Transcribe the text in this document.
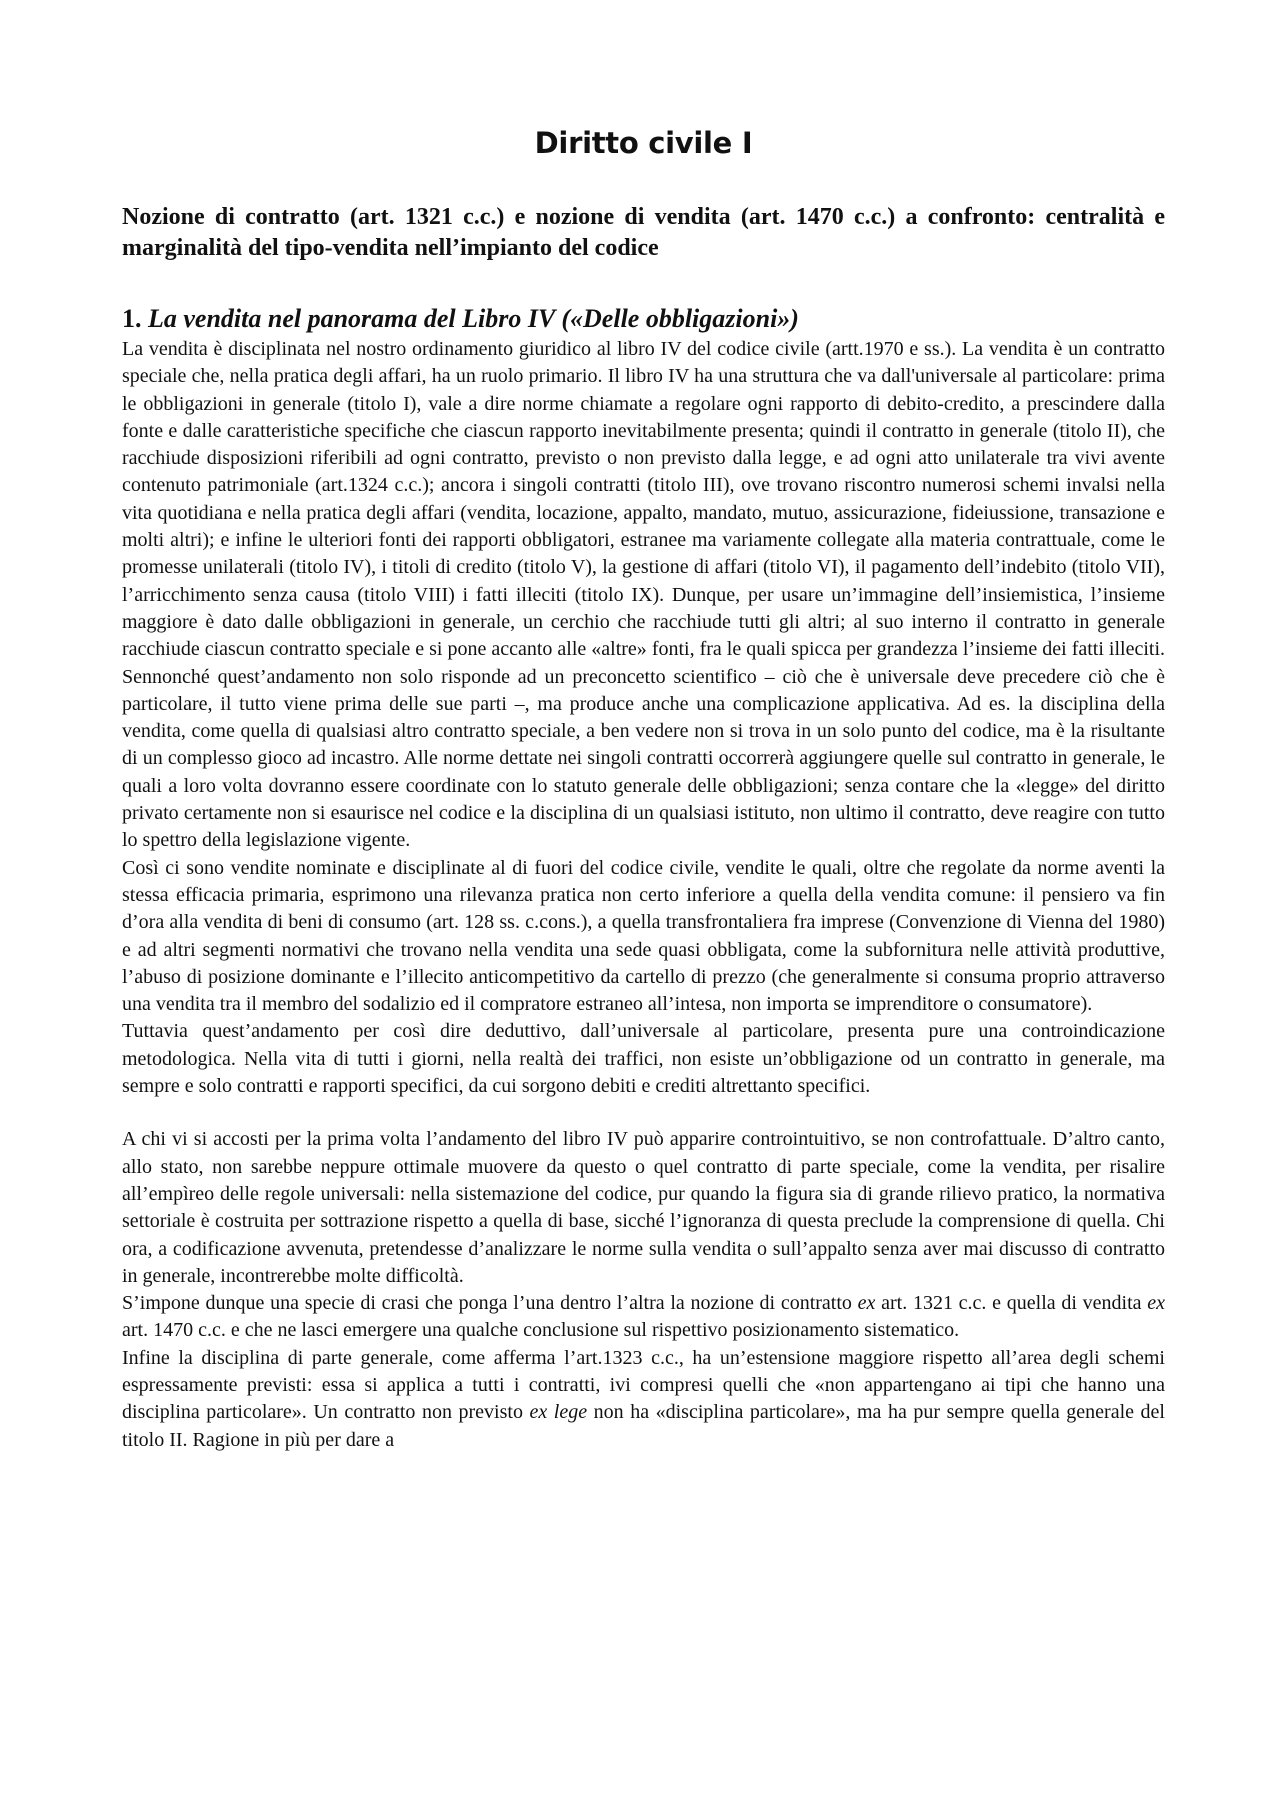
Diritto civile I
Nozione di contratto (art. 1321 c.c.) e nozione di vendita (art. 1470 c.c.) a confronto: centralità e marginalità del tipo-vendita nell’impianto del codice
1. La vendita nel panorama del Libro IV («Delle obbligazioni»)

La vendita è disciplinata nel nostro ordinamento giuridico al libro IV del codice civile (artt.1970 e ss.). La vendita è un contratto speciale che, nella pratica degli affari, ha un ruolo primario. Il libro IV ha una struttura che va dall'universale al particolare: prima le obbligazioni in generale (titolo I), vale a dire norme chiamate a regolare ogni rapporto di debito-credito, a prescindere dalla fonte e dalle caratteristiche specifiche che ciascun rapporto inevitabilmente presenta; quindi il contratto in generale (titolo II), che racchiude disposizioni riferibili ad ogni contratto, previsto o non previsto dalla legge, e ad ogni atto unilaterale tra vivi avente contenuto patrimoniale (art.1324 c.c.); ancora i singoli contratti (titolo III), ove trovano riscontro numerosi schemi invalsi nella vita quotidiana e nella pratica degli affari (vendita, locazione, appalto, mandato, mutuo, assicurazione, fideiussione, transazione e molti altri); e infine le ulteriori fonti dei rapporti obbligatori, estranee ma variamente collegate alla materia contrattuale, come le promesse unilaterali (titolo IV), i titoli di credito (titolo V), la gestione di affari (titolo VI), il pagamento dell’indebito (titolo VII), l’arricchimento senza causa (titolo VIII) i fatti illeciti (titolo IX). Dunque, per usare un’immagine dell’insiemistica, l’insieme maggiore è dato dalle obbligazioni in generale, un cerchio che racchiude tutti gli altri; al suo interno il contratto in generale racchiude ciascun contratto speciale e si pone accanto alle «altre» fonti, fra le quali spicca per grandezza l’insieme dei fatti illeciti. Sennonché quest’andamento non solo risponde ad un preconcetto scientifico – ciò che è universale deve precedere ciò che è particolare, il tutto viene prima delle sue parti –, ma produce anche una complicazione applicativa. Ad es. la disciplina della vendita, come quella di qualsiasi altro contratto speciale, a ben vedere non si trova in un solo punto del codice, ma è la risultante di un complesso gioco ad incastro. Alle norme dettate nei singoli contratti occorrerà aggiungere quelle sul contratto in generale, le quali a loro volta dovranno essere coordinate con lo statuto generale delle obbligazioni; senza contare che la «legge» del diritto privato certamente non si esaurisce nel codice e la disciplina di un qualsiasi istituto, non ultimo il contratto, deve reagire con tutto lo spettro della legislazione vigente.

Così ci sono vendite nominate e disciplinate al di fuori del codice civile, vendite le quali, oltre che regolate da norme aventi la stessa efficacia primaria, esprimono una rilevanza pratica non certo inferiore a quella della vendita comune: il pensiero va fin d’ora alla vendita di beni di consumo (art. 128 ss. c.cons.), a quella transfrontaliera fra imprese (Convenzione di Vienna del 1980) e ad altri segmenti normativi che trovano nella vendita una sede quasi obbligata, come la subfornitura nelle attività produttive, l’abuso di posizione dominante e l’illecito anticompetitivo da cartello di prezzo (che generalmente si consuma proprio attraverso una vendita tra il membro del sodalizio ed il compratore estraneo all’intesa, non importa se imprenditore o consumatore).

Tuttavia quest’andamento per così dire deduttivo, dall’universale al particolare, presenta pure una controindicazione metodologica. Nella vita di tutti i giorni, nella realtà dei traffici, non esiste un’obbligazione od un contratto in generale, ma sempre e solo contratti e rapporti specifici, da cui sorgono debiti e crediti altrettanto specifici.

A chi vi si accosti per la prima volta l’andamento del libro IV può apparire controintuitivo, se non controfattuale. D’altro canto, allo stato, non sarebbe neppure ottimale muovere da questo o quel contratto di parte speciale, come la vendita, per risalire all’empìreo delle regole universali: nella sistemazione del codice, pur quando la figura sia di grande rilievo pratico, la normativa settoriale è costruita per sottrazione rispetto a quella di base, sicché l’ignoranza di questa preclude la comprensione di quella. Chi ora, a codificazione avvenuta, pretendesse d’analizzare le norme sulla vendita o sull’appalto senza aver mai discusso di contratto in generale, incontrerebbe molte difficoltà.

S’impone dunque una specie di crasi che ponga l’una dentro l’altra la nozione di contratto ex art. 1321 c.c. e quella di vendita ex art. 1470 c.c. e che ne lasci emergere una qualche conclusione sul rispettivo posizionamento sistematico.

Infine la disciplina di parte generale, come afferma l’art.1323 c.c., ha un’estensione maggiore rispetto all’area degli schemi espressamente previsti: essa si applica a tutti i contratti, ivi compresi quelli che «non appartengano ai tipi che hanno una disciplina particolare». Un contratto non previsto ex lege non ha «disciplina particolare», ma ha pur sempre quella generale del titolo II. Ragione in più per dare a
